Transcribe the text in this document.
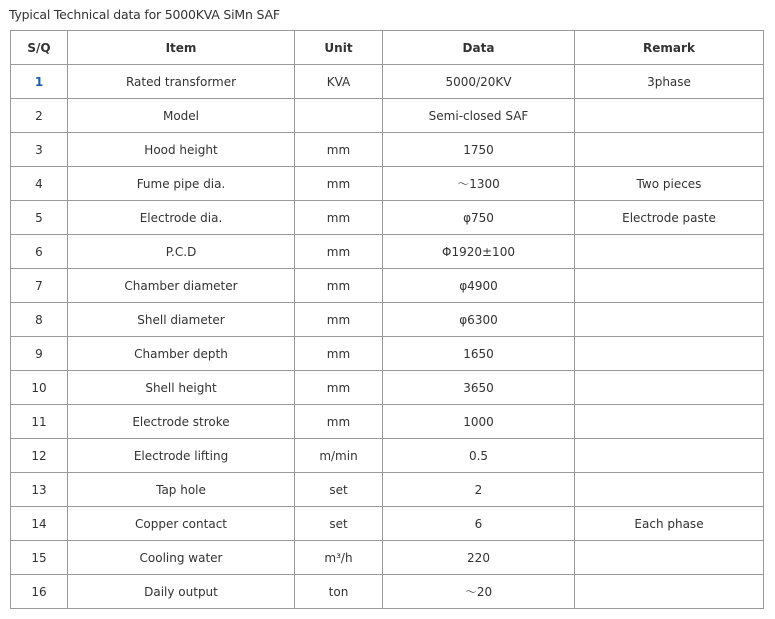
Typical Technical data for 5000KVA SiMn SAF
S/Q	Item	Unit	Data	Remark
1	Rated transformer	KVA	5000/20KV	3phase
2	Model		Semi-closed SAF	
3	Hood height	mm	1750	
4	Fume pipe dia.	mm	～1300	Two pieces
5	Electrode dia.	mm	φ750	Electrode paste
6	P.C.D	mm	Φ1920±100	
7	Chamber diameter	mm	φ4900	
8	Shell diameter	mm	φ6300	
9	Chamber depth	mm	1650	
10	Shell height	mm	3650	
11	Electrode stroke	mm	1000	
12	Electrode lifting	m/min	0.5	
13	Tap hole	set	2	
14	Copper contact	set	6	Each phase
15	Cooling water	m³/h	220	
16	Daily output	ton	～20	
